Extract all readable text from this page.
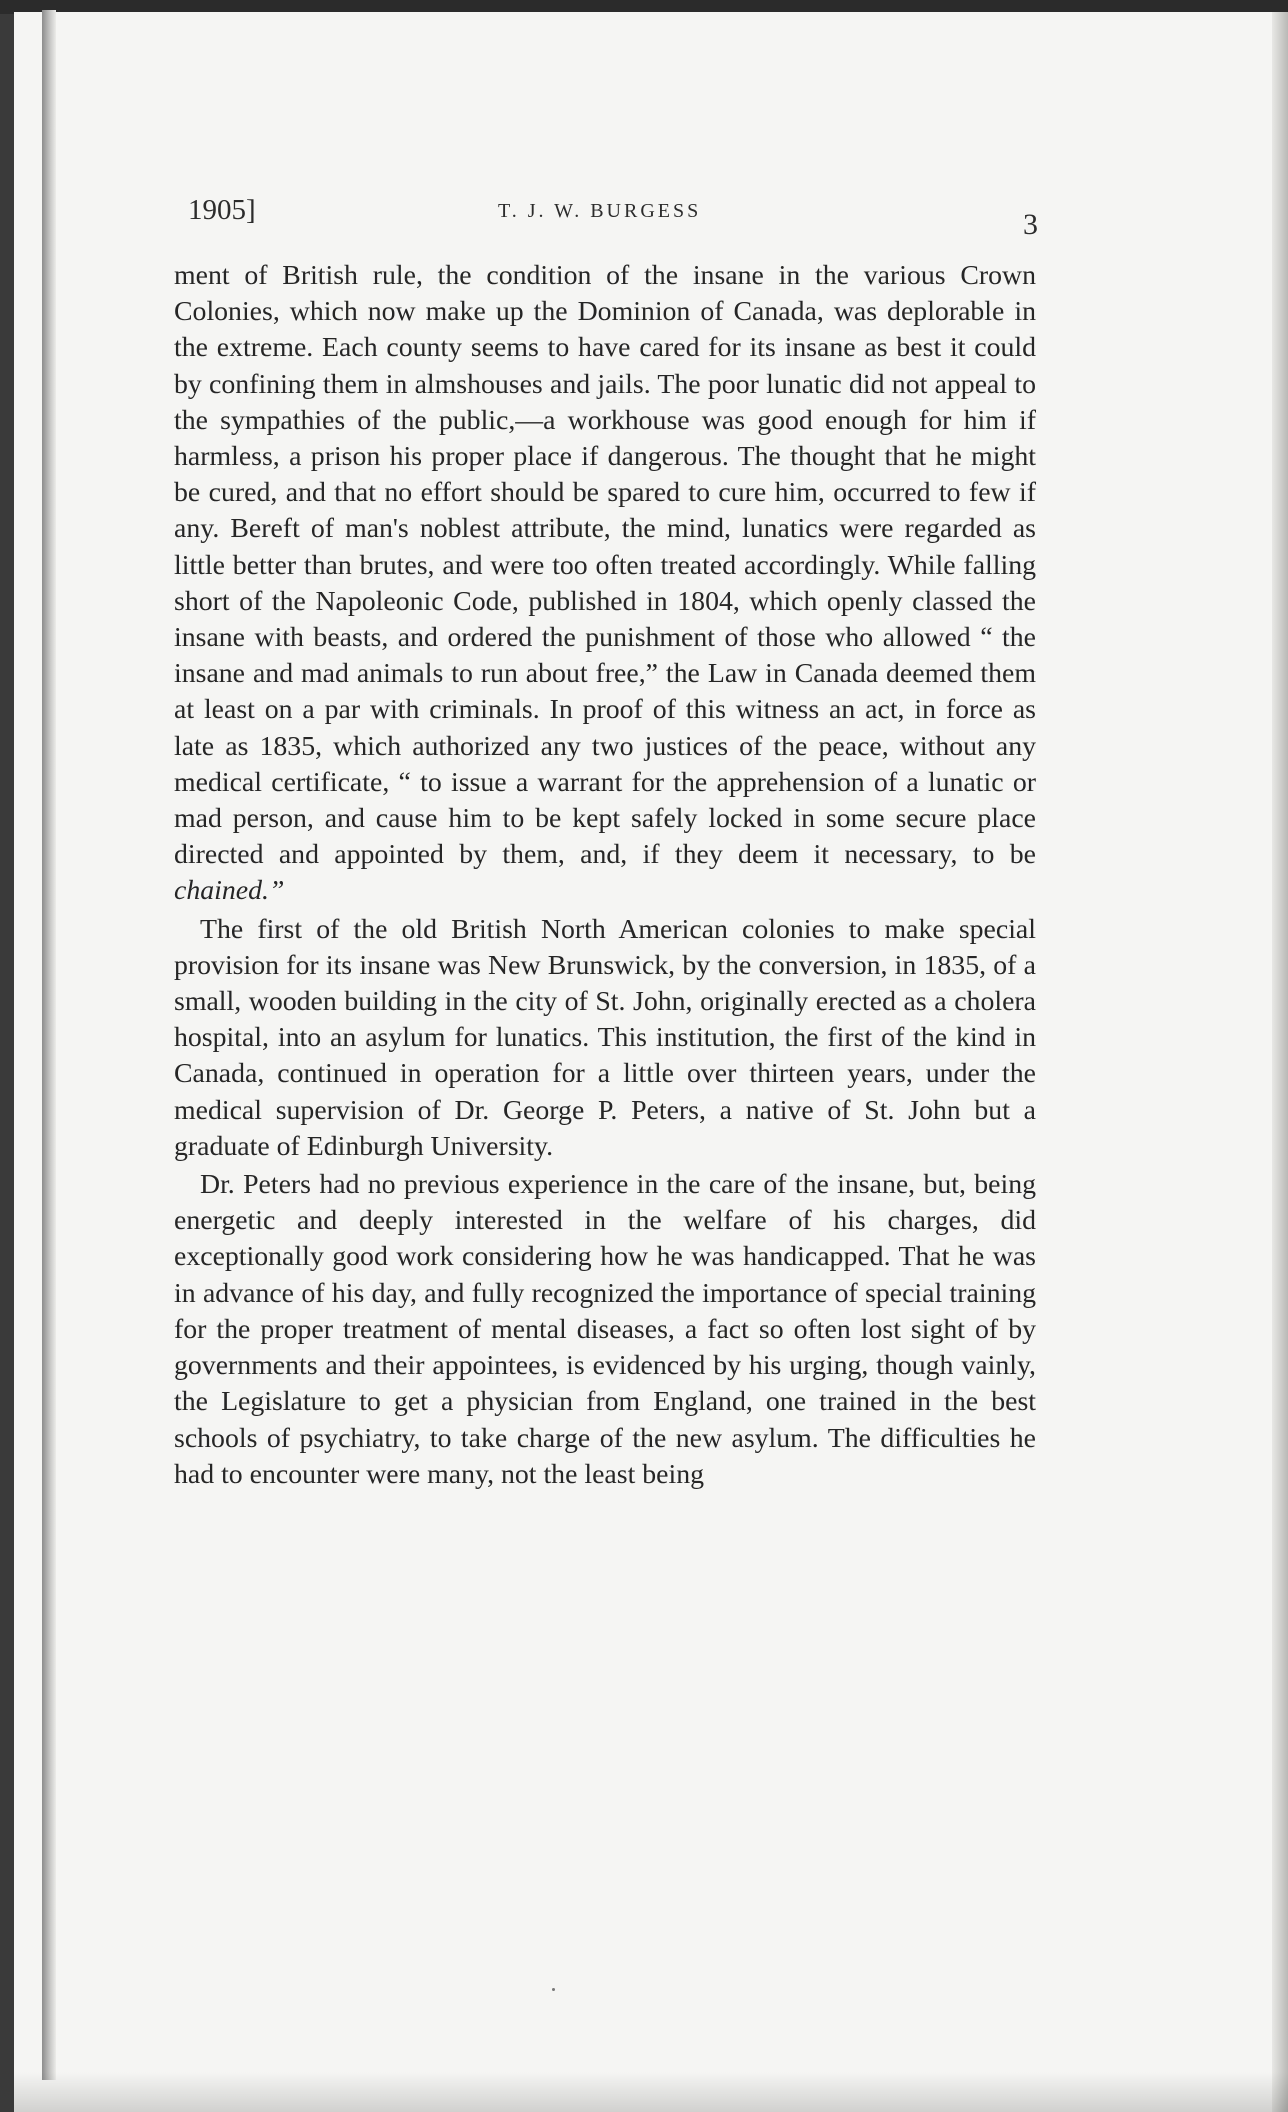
1905]	T. J. W. BURGESS	3

ment of British rule, the condition of the insane in the various Crown Colonies, which now make up the Dominion of Canada, was deplorable in the extreme. Each county seems to have cared for its insane as best it could by confining them in almshouses and jails. The poor lunatic did not appeal to the sympathies of the public,—a workhouse was good enough for him if harmless, a prison his proper place if dangerous. The thought that he might be cured, and that no effort should be spared to cure him, occurred to few if any. Bereft of man's noblest attribute, the mind, lunatics were regarded as little better than brutes, and were too often treated accordingly. While falling short of the Napoleonic Code, published in 1804, which openly classed the insane with beasts, and ordered the punishment of those who allowed “ the insane and mad animals to run about free,” the Law in Canada deemed them at least on a par with criminals. In proof of this witness an act, in force as late as 1835, which authorized any two justices of the peace, without any medical certificate, “ to issue a warrant for the apprehension of a lunatic or mad person, and cause him to be kept safely locked in some secure place directed and appointed by them, and, if they deem it necessary, to be chained.”

The first of the old British North American colonies to make special provision for its insane was New Brunswick, by the conversion, in 1835, of a small, wooden building in the city of St. John, originally erected as a cholera hospital, into an asylum for lunatics. This institution, the first of the kind in Canada, continued in operation for a little over thirteen years, under the medical supervision of Dr. George P. Peters, a native of St. John but a graduate of Edinburgh University.

Dr. Peters had no previous experience in the care of the insane, but, being energetic and deeply interested in the welfare of his charges, did exceptionally good work considering how he was handicapped. That he was in advance of his day, and fully recognized the importance of special training for the proper treatment of mental diseases, a fact so often lost sight of by governments and their appointees, is evidenced by his urging, though vainly, the Legislature to get a physician from England, one trained in the best schools of psychiatry, to take charge of the new asylum. The difficulties he had to encounter were many, not the least being
